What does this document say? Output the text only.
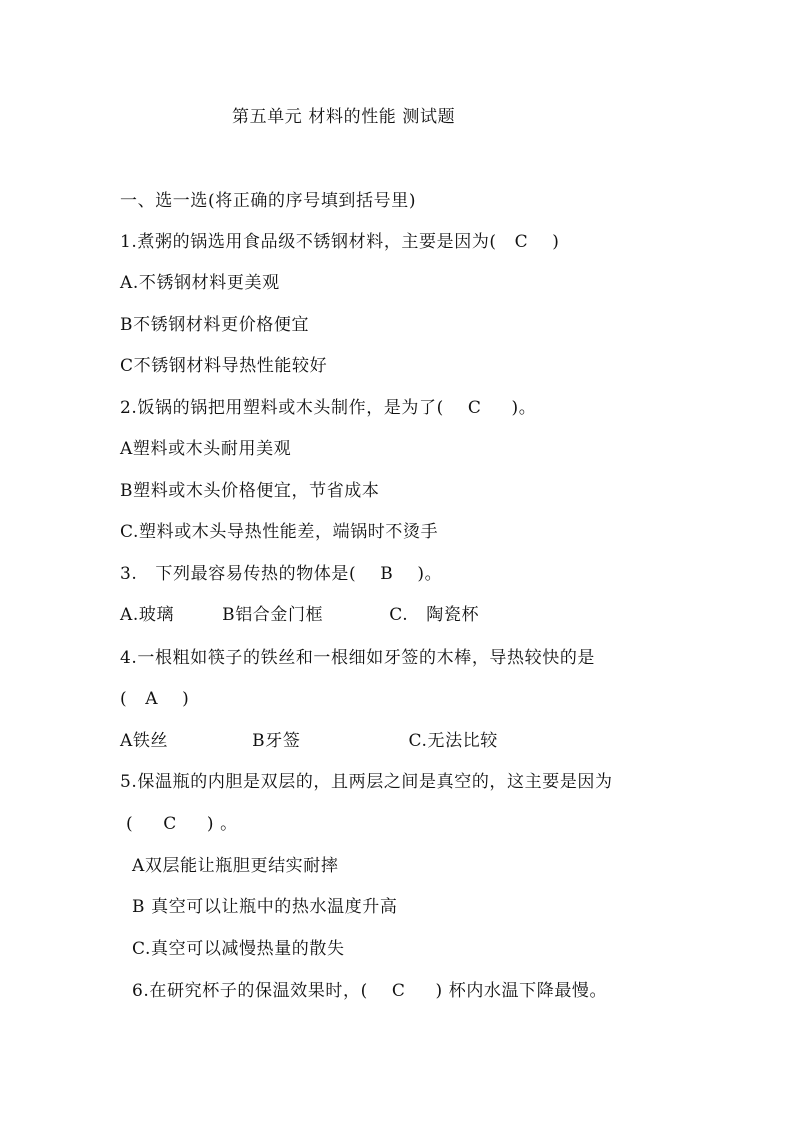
第五单元 材料的性能 测试题
一、选一选(将正确的序号填到括号里)
1.煮粥的锅选用食品级不锈钢材料，主要是因为(   C    )
A.不锈钢材料更美观
B不锈钢材料更价格便宜
C不锈钢材料导热性能较好
2.饭锅的锅把用塑料或木头制作，是为了(    C     )。
A塑料或木头耐用美观
B塑料或木头价格便宜，节省成本
C.塑料或木头导热性能差，端锅时不烫手
3.   下列最容易传热的物体是(    B    )。
A.玻璃        B铝合金门框           C.   陶瓷杯
4.一根粗如筷子的铁丝和一根细如牙签的木棒，导热较快的是
(   A    )
A铁丝              B牙签                  C.无法比较
5.保温瓶的内胆是双层的，且两层之间是真空的，这主要是因为
(     C     ) 。
A双层能让瓶胆更结实耐摔
B 真空可以让瓶中的热水温度升高
C.真空可以减慢热量的散失
6.在研究杯子的保温效果时，(    C     ) 杯内水温下降最慢。
